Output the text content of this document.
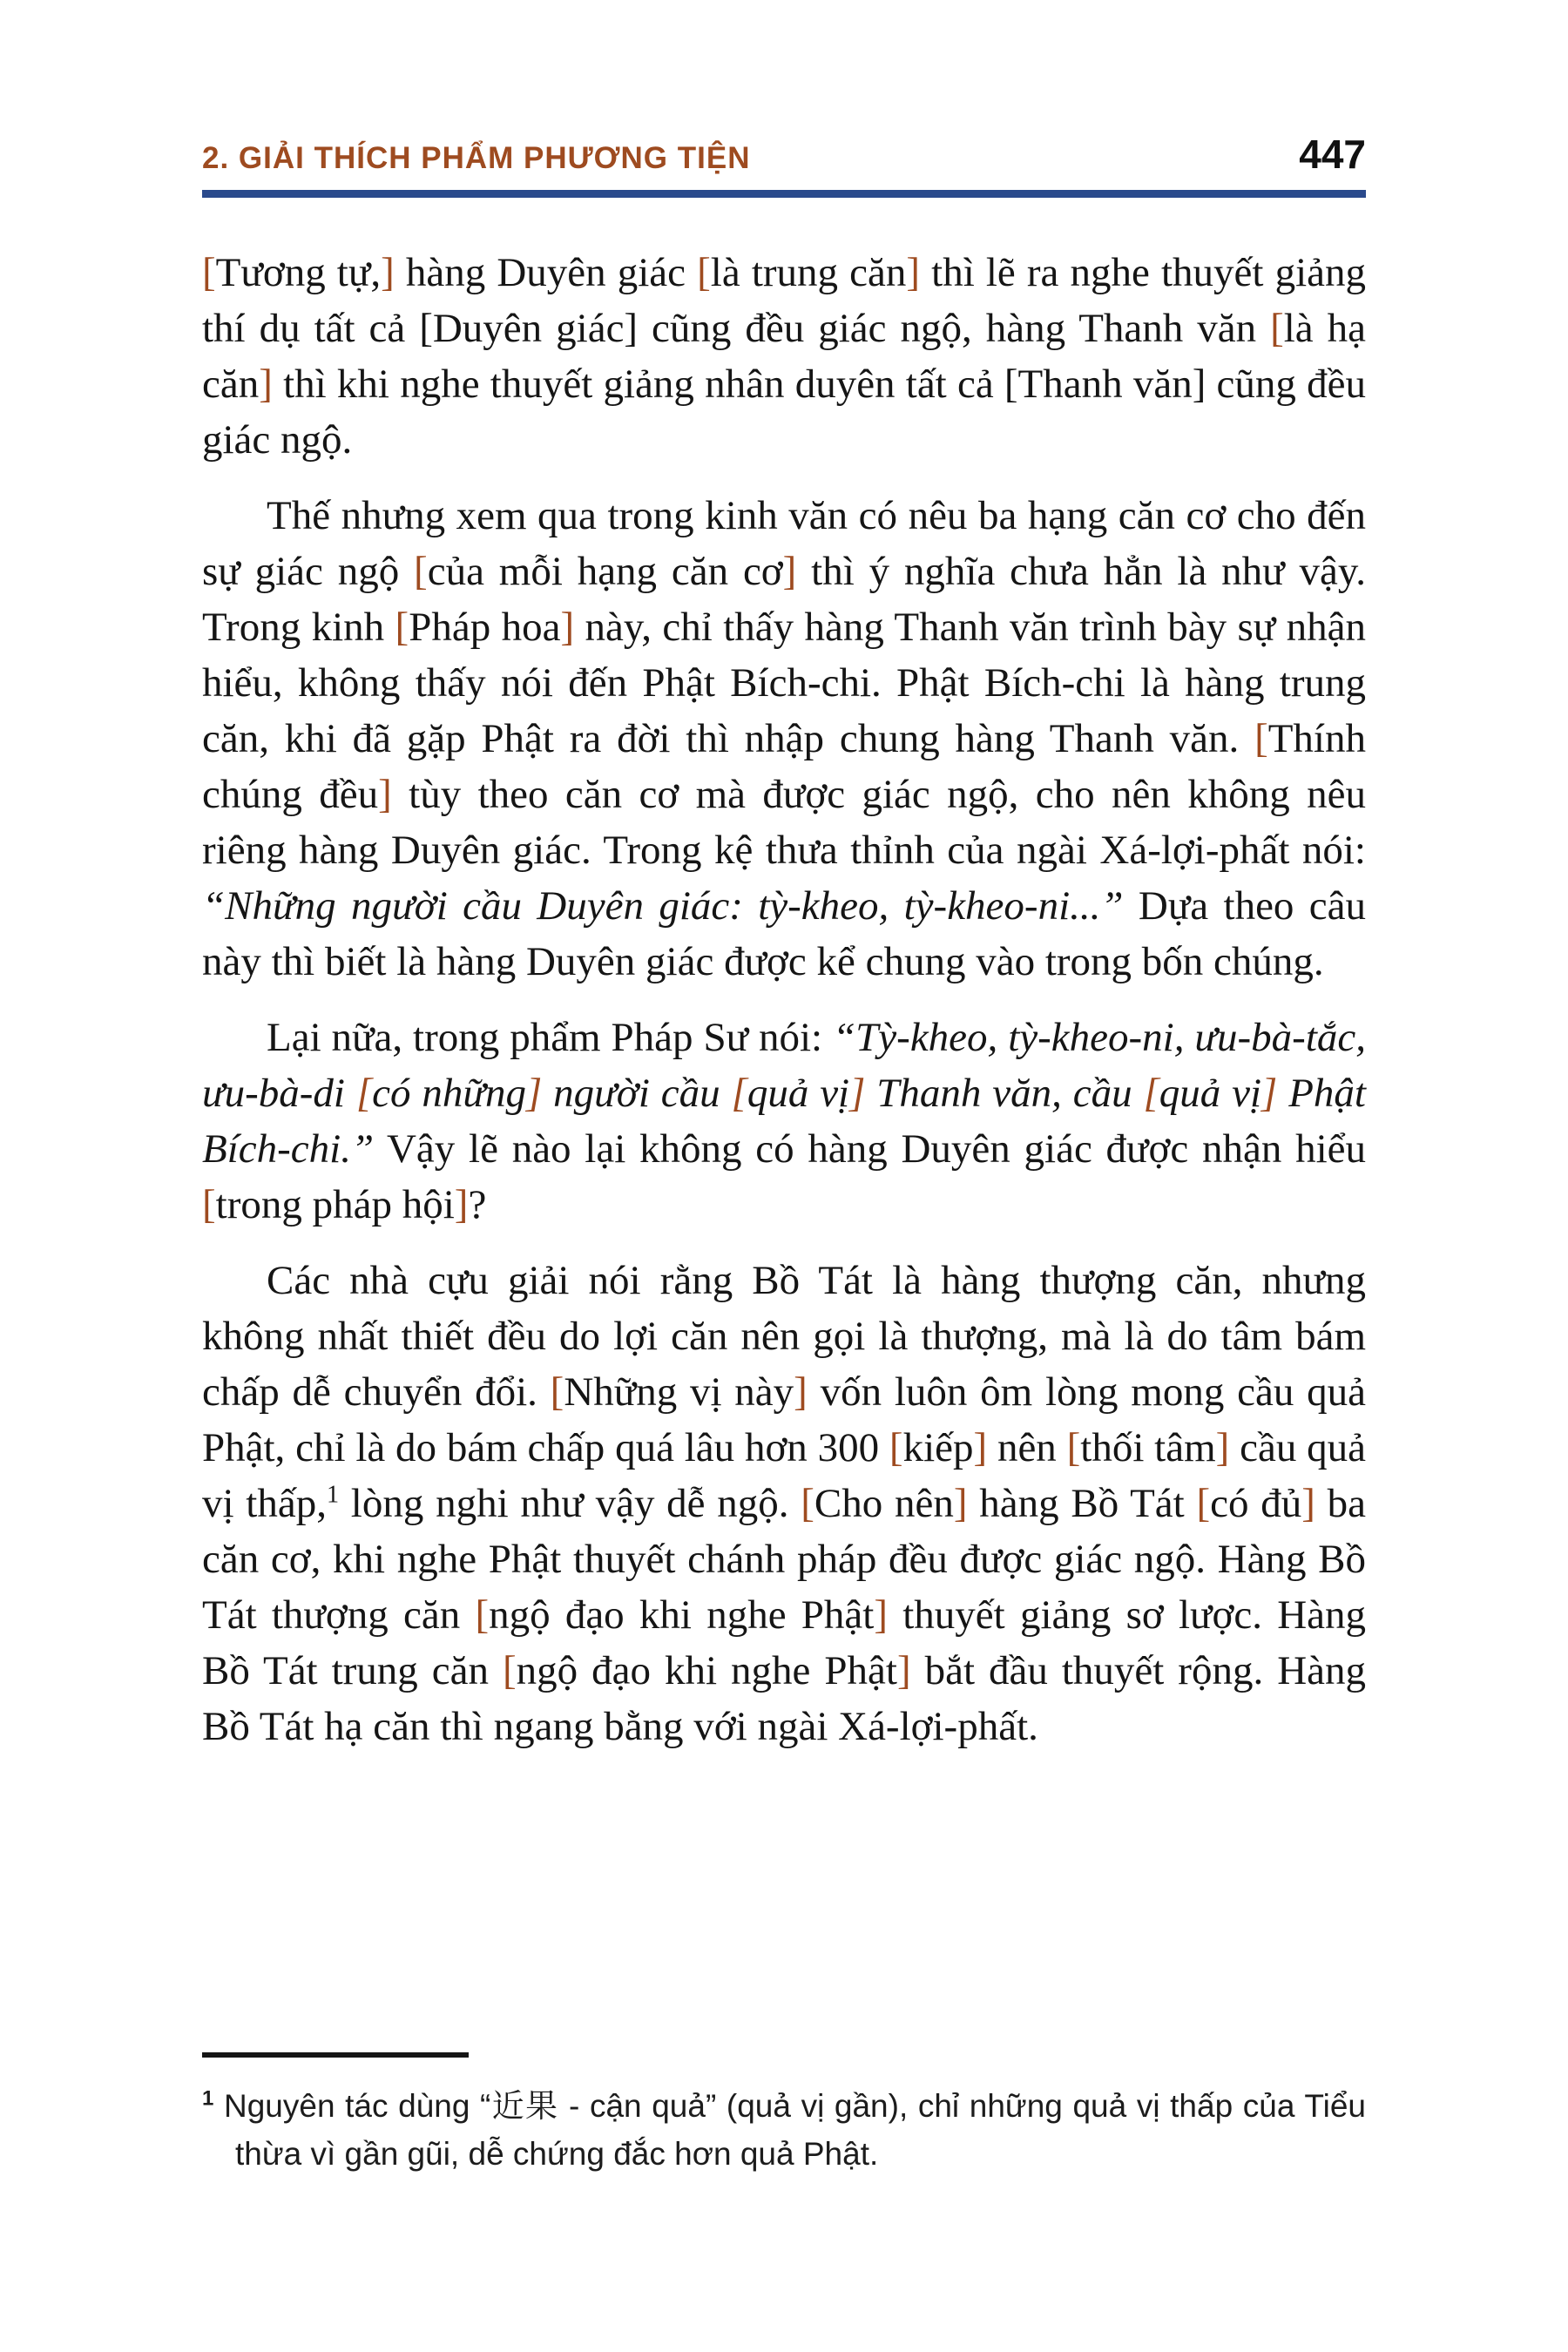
2. GIẢI THÍCH PHẨM PHƯƠNG TIỆN	447

[Tương tự,] hàng Duyên giác [là trung căn] thì lẽ ra nghe thuyết giảng thí dụ tất cả [Duyên giác] cũng đều giác ngộ, hàng Thanh văn [là hạ căn] thì khi nghe thuyết giảng nhân duyên tất cả [Thanh văn] cũng đều giác ngộ.

Thế nhưng xem qua trong kinh văn có nêu ba hạng căn cơ cho đến sự giác ngộ [của mỗi hạng căn cơ] thì ý nghĩa chưa hẳn là như vậy. Trong kinh [Pháp hoa] này, chỉ thấy hàng Thanh văn trình bày sự nhận hiểu, không thấy nói đến Phật Bích-chi. Phật Bích-chi là hàng trung căn, khi đã gặp Phật ra đời thì nhập chung hàng Thanh văn. [Thính chúng đều] tùy theo căn cơ mà được giác ngộ, cho nên không nêu riêng hàng Duyên giác. Trong kệ thưa thỉnh của ngài Xá-lợi-phất nói: “Những người cầu Duyên giác: tỳ-kheo, tỳ-kheo-ni...” Dựa theo câu này thì biết là hàng Duyên giác được kể chung vào trong bốn chúng.

Lại nữa, trong phẩm Pháp Sư nói: “Tỳ-kheo, tỳ-kheo-ni, ưu-bà-tắc, ưu-bà-di [có những] người cầu [quả vị] Thanh văn, cầu [quả vị] Phật Bích-chi.” Vậy lẽ nào lại không có hàng Duyên giác được nhận hiểu [trong pháp hội]?

Các nhà cựu giải nói rằng Bồ Tát là hàng thượng căn, nhưng không nhất thiết đều do lợi căn nên gọi là thượng, mà là do tâm bám chấp dễ chuyển đổi. [Những vị này] vốn luôn ôm lòng mong cầu quả Phật, chỉ là do bám chấp quá lâu hơn 300 [kiếp] nên [thối tâm] cầu quả vị thấp,$^1$ lòng nghi như vậy dễ ngộ. [Cho nên] hàng Bồ Tát [có đủ] ba căn cơ, khi nghe Phật thuyết chánh pháp đều được giác ngộ. Hàng Bồ Tát thượng căn [ngộ đạo khi nghe Phật] thuyết giảng sơ lược. Hàng Bồ Tát trung căn [ngộ đạo khi nghe Phật] bắt đầu thuyết rộng. Hàng Bồ Tát hạ căn thì ngang bằng với ngài Xá-lợi-phất.

$^1$ Nguyên tác dùng “近果 - cận quả” (quả vị gần), chỉ những quả vị thấp của Tiểu thừa vì gần gũi, dễ chứng đắc hơn quả Phật.
